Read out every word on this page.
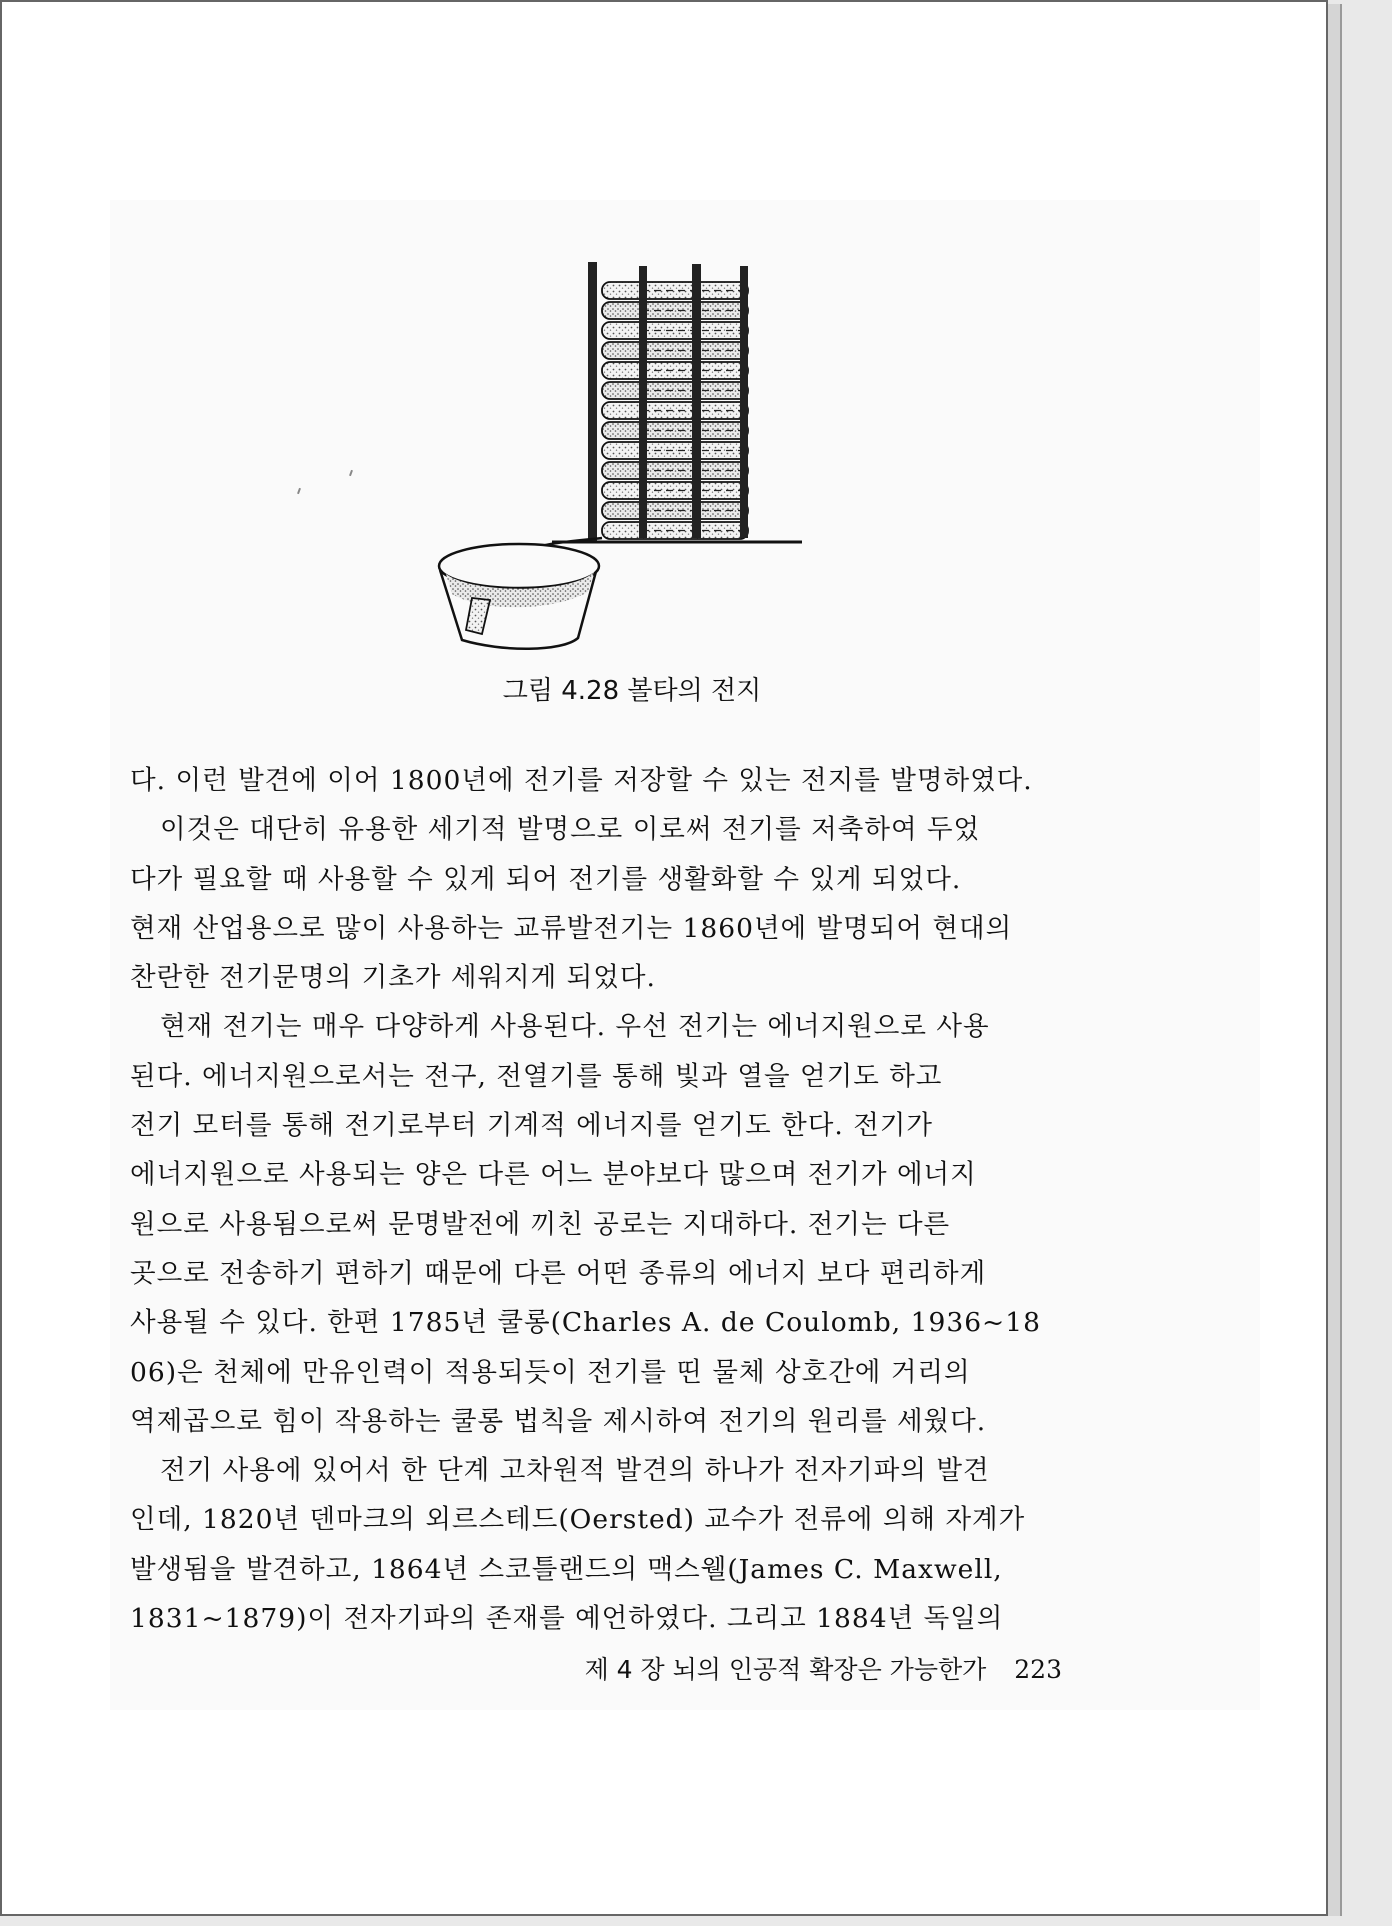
그림 4.28 볼타의 전지
다. 이런 발견에 이어 1800년에 전기를 저장할 수 있는 전지를 발명하였다.
이것은 대단히 유용한 세기적 발명으로 이로써 전기를 저축하여 두었
다가 필요할 때 사용할 수 있게 되어 전기를 생활화할 수 있게 되었다.
현재 산업용으로 많이 사용하는 교류발전기는 1860년에 발명되어 현대의
찬란한 전기문명의 기초가 세워지게 되었다.
현재 전기는 매우 다양하게 사용된다. 우선 전기는 에너지원으로 사용
된다. 에너지원으로서는 전구, 전열기를 통해 빛과 열을 얻기도 하고
전기 모터를 통해 전기로부터 기계적 에너지를 얻기도 한다. 전기가
에너지원으로 사용되는 양은 다른 어느 분야보다 많으며 전기가 에너지
원으로 사용됨으로써 문명발전에 끼친 공로는 지대하다. 전기는 다른
곳으로 전송하기 편하기 때문에 다른 어떤 종류의 에너지 보다 편리하게
사용될 수 있다. 한편 1785년 쿨롱(Charles A. de Coulomb, 1936~18
06)은 천체에 만유인력이 적용되듯이 전기를 띤 물체 상호간에 거리의
역제곱으로 힘이 작용하는 쿨롱 법칙을 제시하여 전기의 원리를 세웠다.
전기 사용에 있어서 한 단계 고차원적 발견의 하나가 전자기파의 발견
인데, 1820년 덴마크의 외르스테드(Oersted) 교수가 전류에 의해 자계가
발생됨을 발견하고, 1864년 스코틀랜드의 맥스웰(James C. Maxwell,
1831~1879)이 전자기파의 존재를 예언하였다. 그리고 1884년 독일의
제 4 장 뇌의 인공적 확장은 가능한가 223
